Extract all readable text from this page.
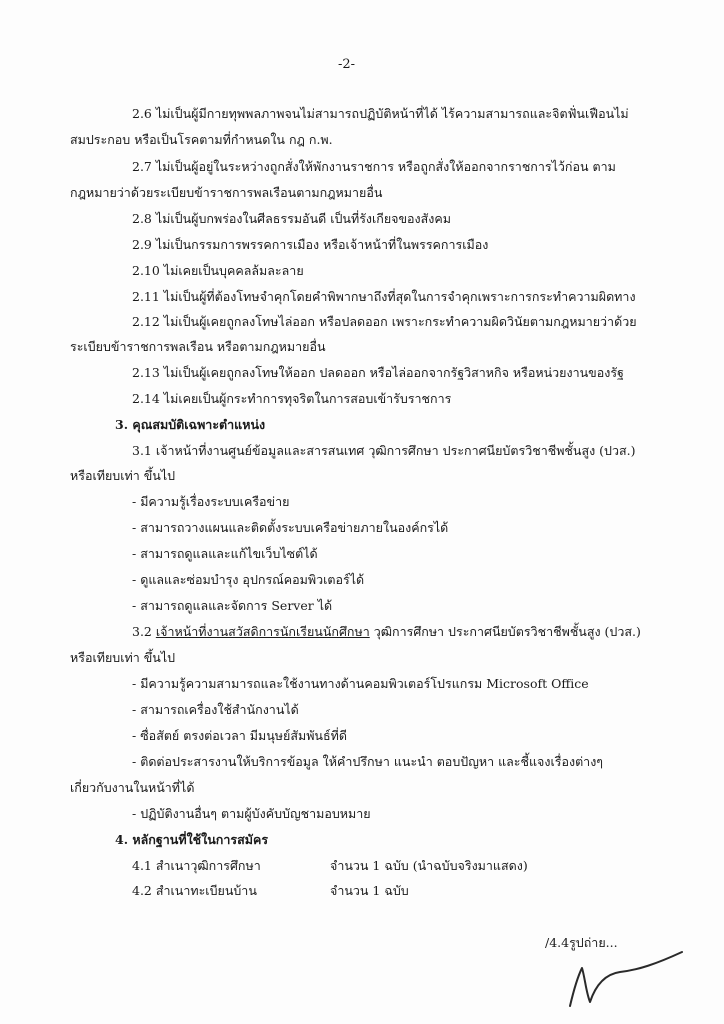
-2-
2.6 ไม่เป็นผู้มีกายทุพพลภาพจนไม่สามารถปฏิบัติหน้าที่ได้ ไร้ความสามารถและจิตฟั่นเฟือนไม่
สมประกอบ หรือเป็นโรคตามที่กำหนดใน กฎ ก.พ.
2.7 ไม่เป็นผู้อยู่ในระหว่างถูกสั่งให้พักงานราชการ หรือถูกสั่งให้ออกจากราชการไว้ก่อน ตาม
กฎหมายว่าด้วยระเบียบข้าราชการพลเรือนตามกฎหมายอื่น
2.8 ไม่เป็นผู้บกพร่องในศีลธรรมอันดี เป็นที่รังเกียจของสังคม
2.9 ไม่เป็นกรรมการพรรคการเมือง หรือเจ้าหน้าที่ในพรรคการเมือง
2.10 ไม่เคยเป็นบุคคลล้มละลาย
2.11 ไม่เป็นผู้ที่ต้องโทษจำคุกโดยคำพิพากษาถึงที่สุดในการจำคุกเพราะการกระทำความผิดทาง
2.12 ไม่เป็นผู้เคยถูกลงโทษไล่ออก หรือปลดออก เพราะกระทำความผิดวินัยตามกฎหมายว่าด้วย
ระเบียบข้าราชการพลเรือน หรือตามกฎหมายอื่น
2.13 ไม่เป็นผู้เคยถูกลงโทษให้ออก ปลดออก หรือไล่ออกจากรัฐวิสาหกิจ หรือหน่วยงานของรัฐ
2.14 ไม่เคยเป็นผู้กระทำการทุจริตในการสอบเข้ารับราชการ
3. คุณสมบัติเฉพาะตำแหน่ง
3.1 เจ้าหน้าที่งานศูนย์ข้อมูลและสารสนเทศ วุฒิการศึกษา ประกาศนียบัตรวิชาชีพชั้นสูง (ปวส.)
หรือเทียบเท่า ขึ้นไป
- มีความรู้เรื่องระบบเครือข่าย
- สามารถวางแผนและติดตั้งระบบเครือข่ายภายในองค์กรได้
- สามารถดูแลและแก้ไขเว็บไซต์ได้
- ดูแลและซ่อมบำรุง อุปกรณ์คอมพิวเตอร์ได้
- สามารถดูแลและจัดการ Server ได้
3.2 เจ้าหน้าที่งานสวัสดิการนักเรียนนักศึกษา วุฒิการศึกษา ประกาศนียบัตรวิชาชีพชั้นสูง (ปวส.)
หรือเทียบเท่า ขึ้นไป
- มีความรู้ความสามารถและใช้งานทางด้านคอมพิวเตอร์โปรแกรม Microsoft Office
- สามารถเครื่องใช้สำนักงานได้
- ซื่อสัตย์ ตรงต่อเวลา มีมนุษย์สัมพันธ์ที่ดี
- ติดต่อประสารงานให้บริการข้อมูล ให้คำปรึกษา แนะนำ ตอบปัญหา และชี้แจงเรื่องต่างๆ
เกี่ยวกับงานในหน้าที่ได้
- ปฏิบัติงานอื่นๆ ตามผู้บังคับบัญชามอบหมาย
4. หลักฐานที่ใช้ในการสมัคร
4.1 สำเนาวุฒิการศึกษา	จำนวน 1 ฉบับ (นำฉบับจริงมาแสดง)
4.2 สำเนาทะเบียนบ้าน	จำนวน 1 ฉบับ
/4.4รูปถ่าย...
